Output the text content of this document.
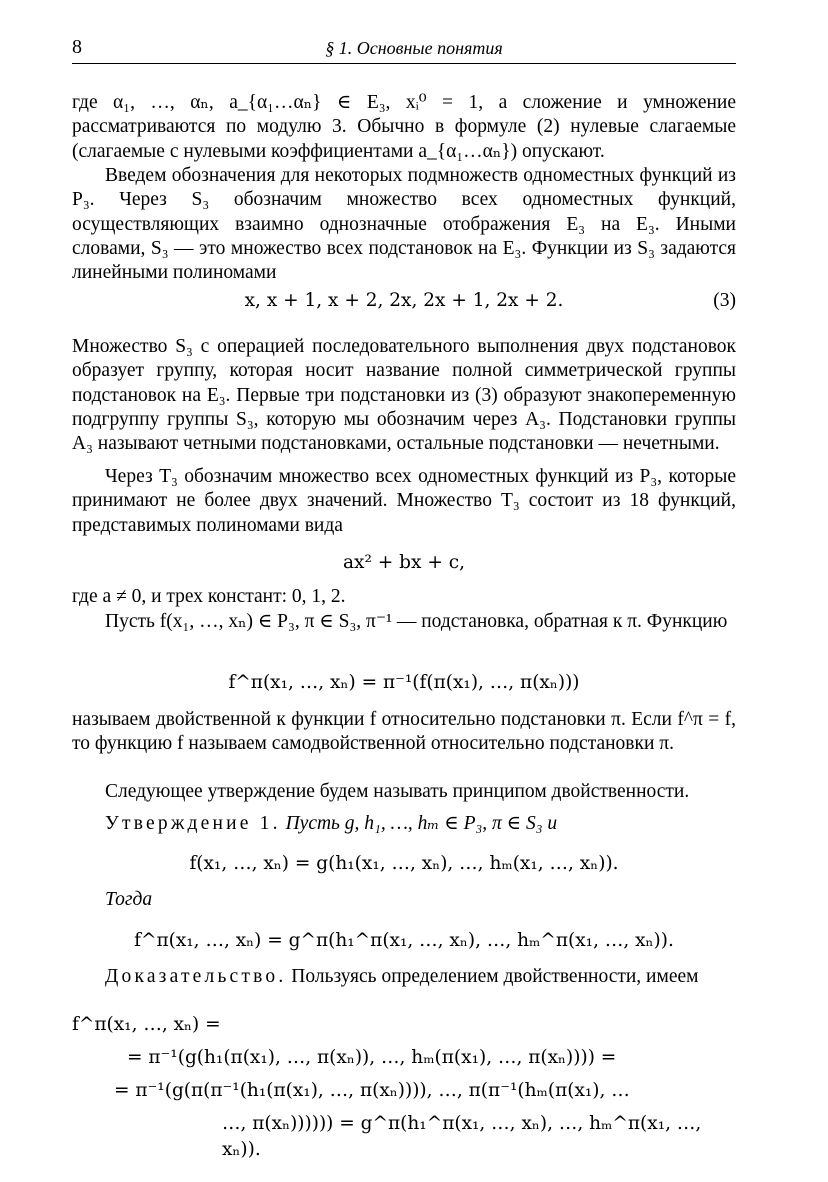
8	§ 1. Основные понятия
где α₁, …, αₙ, a_{α₁…αₙ} ∈ E₃, xᵢ⁰ = 1, а сложение и умножение рассматриваются по модулю 3. Обычно в формуле (2) нулевые слагаемые (слагаемые с нулевыми коэффициентами a_{α₁…αₙ}) опускают.
Введем обозначения для некоторых подмножеств одноместных функций из P₃. Через S₃ обозначим множество всех одноместных функций, осуществляющих взаимно однозначные отображения E₃ на E₃. Иными словами, S₃ — это множество всех подстановок на E₃. Функции из S₃ задаются линейными полиномами
x, x + 1, x + 2, 2x, 2x + 1, 2x + 2.	(3)
Множество S₃ с операцией последовательного выполнения двух подстановок образует группу, которая носит название полной симметрической группы подстановок на E₃. Первые три подстановки из (3) образуют знакопеременную подгруппу группы S₃, которую мы обозначим через A₃. Подстановки группы A₃ называют четными подстановками, остальные подстановки — нечетными.
Через T₃ обозначим множество всех одноместных функций из P₃, которые принимают не более двух значений. Множество T₃ состоит из 18 функций, представимых полиномами вида
ax² + bx + c,
где a ≠ 0, и трех констант: 0, 1, 2.
Пусть f(x₁, …, xₙ) ∈ P₃, π ∈ S₃, π⁻¹ — подстановка, обратная к π. Функцию
f^π(x₁, …, xₙ) = π⁻¹(f(π(x₁), …, π(xₙ)))
называем двойственной к функции f относительно подстановки π. Если f^π = f, то функцию f называем самодвойственной относительно подстановки π.
Следующее утверждение будем называть принципом двойственности.
Утверждение 1. Пусть g, h₁, …, hₘ ∈ P₃, π ∈ S₃ и
f(x₁, …, xₙ) = g(h₁(x₁, …, xₙ), …, hₘ(x₁, …, xₙ)).
Тогда
f^π(x₁, …, xₙ) = g^π(h₁^π(x₁, …, xₙ), …, hₘ^π(x₁, …, xₙ)).
Доказательство. Пользуясь определением двойственности, имеем
f^π(x₁, …, xₙ) =
= π⁻¹(g(h₁(π(x₁), …, π(xₙ)), …, hₘ(π(x₁), …, π(xₙ)))) =
= π⁻¹(g(π(π⁻¹(h₁(π(x₁), …, π(xₙ)))), …, π(π⁻¹(hₘ(π(x₁), …
…, π(xₙ)))))) = g^π(h₁^π(x₁, …, xₙ), …, hₘ^π(x₁, …, xₙ)).
